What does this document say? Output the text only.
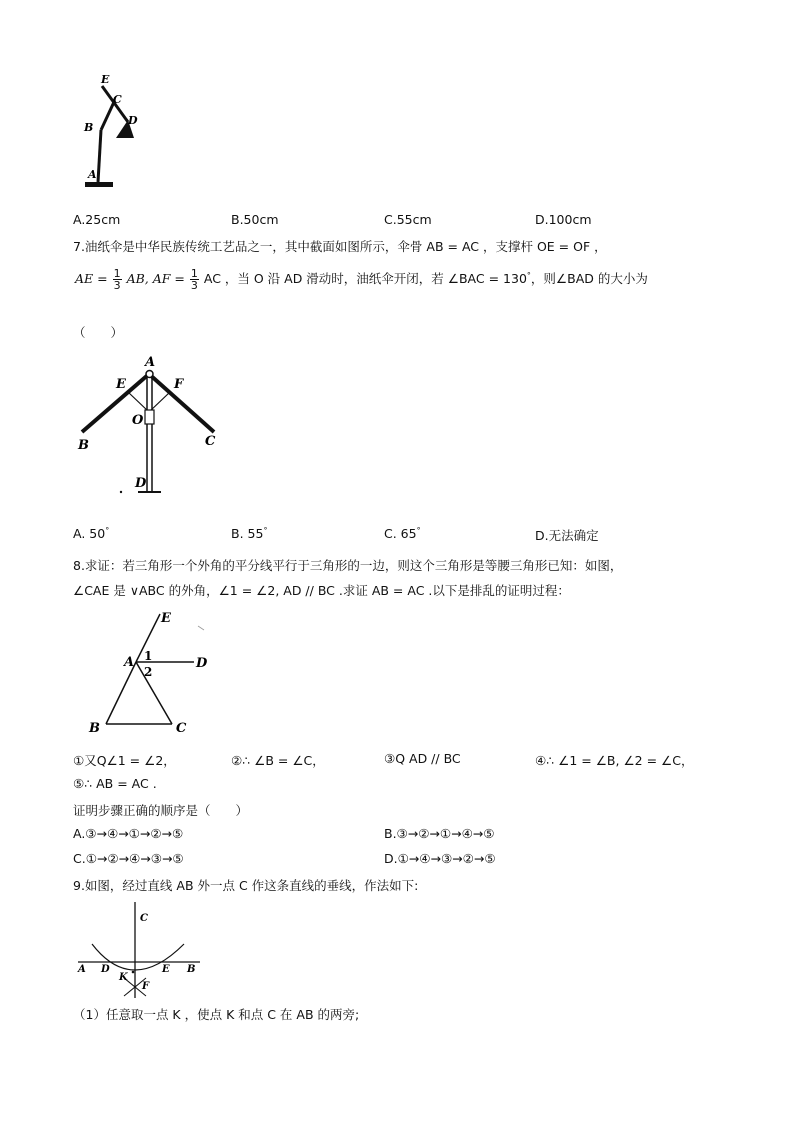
E
C
B
D
A
A.25cm	B.50cm	C.55cm	D.100cm
7.油纸伞是中华民族传统工艺品之一，其中截面如图所示，伞骨 AB = AC ，支撑杆 OE = OF ，
AE = $\frac{1}{3}$ AB, AF = $\frac{1}{3}$ AC ，当 O 沿 AD 滑动时，油纸伞开闭，若 ∠BAC = 130°，则∠BAD 的大小为
（　　）
A
E	F
O
B	C
D
A. 50°	B. 55°	C. 65°	D.无法确定
8.求证：若三角形一个外角的平分线平行于三角形的一边，则这个三角形是等腰三角形已知：如图，
∠CAE 是 ∨ABC 的外角，∠1 = ∠2, AD // BC .求证 AB = AC .以下是排乱的证明过程：
E
A 1
2
D
B	C
①又Q∠1 = ∠2，	②∴ ∠B = ∠C，	③Q AD // BC	④∴ ∠1 = ∠B, ∠2 = ∠C，
⑤∴ AB = AC .
证明步骤正确的顺序是（　　）
A.③→④→①→②→⑤	B.③→②→①→④→⑤
C.①→②→④→③→⑤	D.①→④→③→②→⑤
9.如图，经过直线 AB 外一点 C 作这条直线的垂线，作法如下:
C
A D
K
E B
F
（1）任意取一点 K ，使点 K 和点 C 在 AB 的两旁;
